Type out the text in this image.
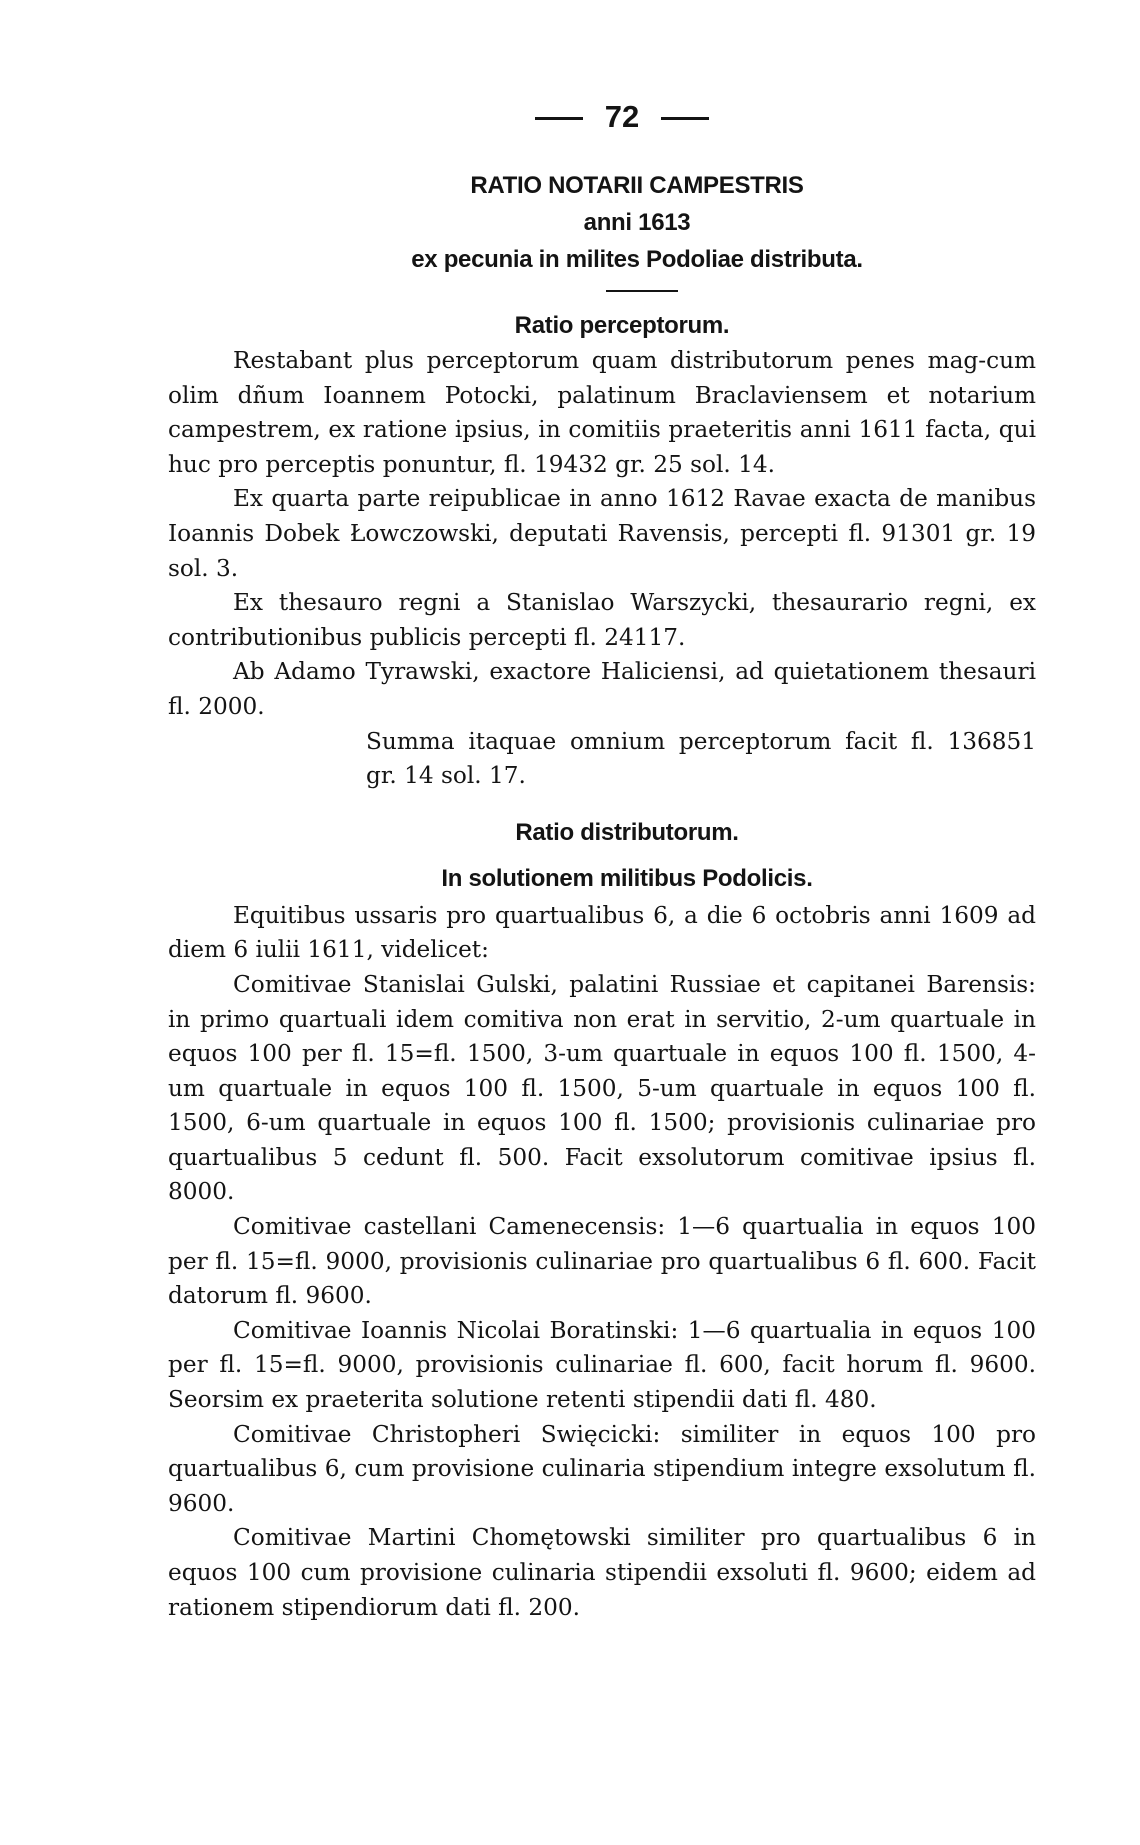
72
RATIO NOTARII CAMPESTRIS
anni 1613
ex pecunia in milites Podoliae distributa.
Ratio perceptorum.

Restabant plus perceptorum quam distributorum penes mag-cum olim dñum Ioannem Potocki, palatinum Braclaviensem et notarium campestrem, ex ratione ipsius, in comitiis praeteritis anni 1611 facta, qui huc pro perceptis ponuntur, fl. 19432 gr. 25 sol. 14.

Ex quarta parte reipublicae in anno 1612 Ravae exacta de manibus Ioannis Dobek Łowczowski, deputati Ravensis, percepti fl. 91301 gr. 19 sol. 3.

Ex thesauro regni a Stanislao Warszycki, thesaurario regni, ex contributionibus publicis percepti fl. 24117.

Ab Adamo Tyrawski, exactore Haliciensi, ad quietationem thesauri fl. 2000.

Summa itaquae omnium perceptorum facit fl. 136851 gr. 14 sol. 17.

Ratio distributorum.
In solutionem militibus Podolicis.

Equitibus ussaris pro quartualibus 6, a die 6 octobris anni 1609 ad diem 6 iulii 1611, videlicet:

Comitivae Stanislai Gulski, palatini Russiae et capitanei Barensis: in primo quartuali idem comitiva non erat in servitio, 2-um quartuale in equos 100 per fl. 15=fl. 1500, 3-um quartuale in equos 100 fl. 1500, 4-um quartuale in equos 100 fl. 1500, 5-um quartuale in equos 100 fl. 1500, 6-um quartuale in equos 100 fl. 1500; provisionis culinariae pro quartualibus 5 cedunt fl. 500. Facit exsolutorum comitivae ipsius fl. 8000.

Comitivae castellani Camenecensis: 1—6 quartualia in equos 100 per fl. 15=fl. 9000, provisionis culinariae pro quartualibus 6 fl. 600. Facit datorum fl. 9600.

Comitivae Ioannis Nicolai Boratinski: 1—6 quartualia in equos 100 per fl. 15=fl. 9000, provisionis culinariae fl. 600, facit horum fl. 9600. Seorsim ex praeterita solutione retenti stipendii dati fl. 480.

Comitivae Christopheri Swięcicki: similiter in equos 100 pro quartualibus 6, cum provisione culinaria stipendium integre exsolutum fl. 9600.

Comitivae Martini Chomętowski similiter pro quartualibus 6 in equos 100 cum provisione culinaria stipendii exsoluti fl. 9600; eidem ad rationem stipendiorum dati fl. 200.
